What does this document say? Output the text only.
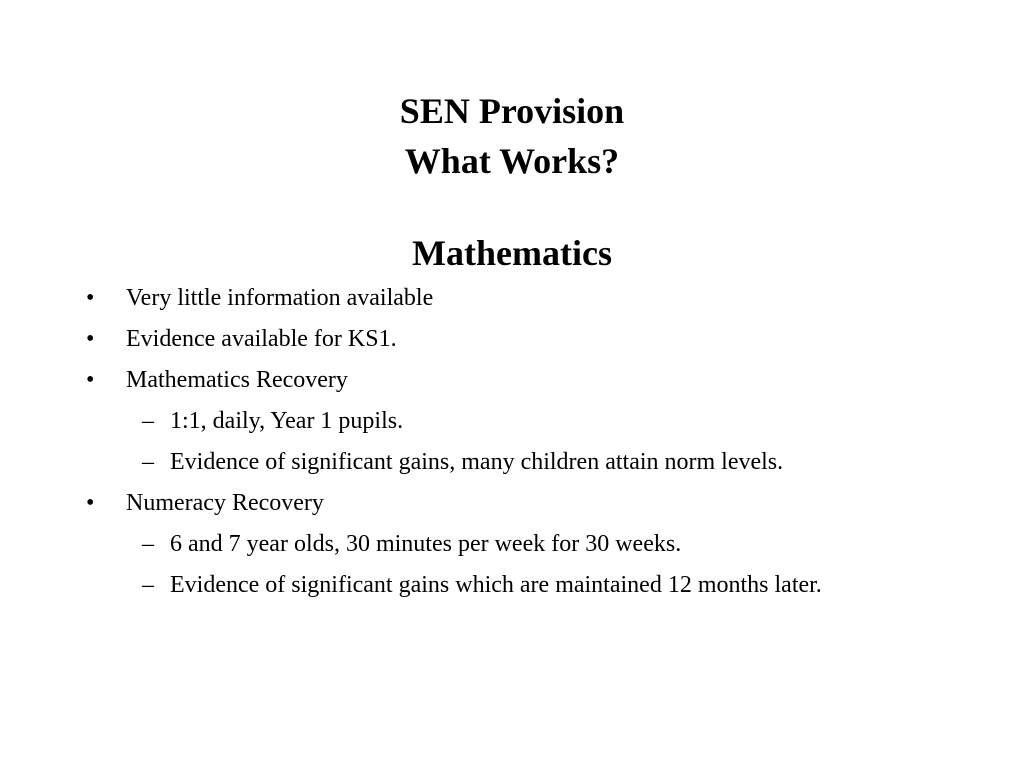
SEN Provision
What Works?
Mathematics
• Very little information available
• Evidence available for KS1.
• Mathematics Recovery
– 1:1, daily, Year 1 pupils.
– Evidence of significant gains, many children attain norm levels.
• Numeracy Recovery
– 6 and 7 year olds, 30 minutes per week for 30 weeks.
– Evidence of significant gains which are maintained 12 months later.
